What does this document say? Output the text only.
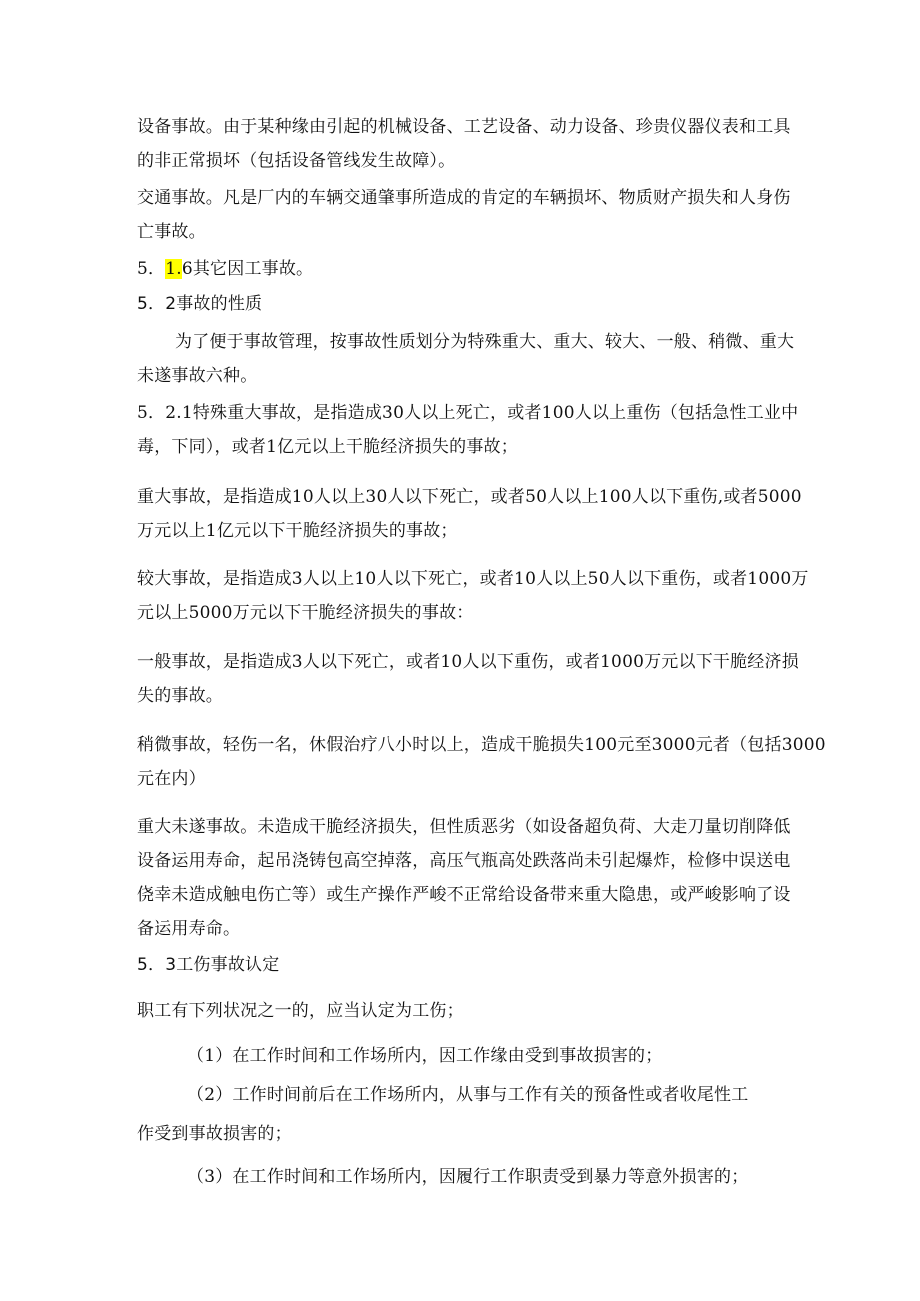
设备事故。由于某种缘由引起的机械设备、工艺设备、动力设备、珍贵仪器仪表和工具
的非正常损坏（包括设备管线发生故障）。
交通事故。凡是厂内的车辆交通肇事所造成的肯定的车辆损坏、物质财产损失和人身伤
亡事故。
5．1.6其它因工事故。
5．2事故的性质
为了便于事故管理，按事故性质划分为特殊重大、重大、较大、一般、稍微、重大
未遂事故六种。
5．2.1特殊重大事故，是指造成30人以上死亡，或者100人以上重伤（包括急性工业中
毒，下同），或者1亿元以上干脆经济损失的事故；
重大事故，是指造成10人以上30人以下死亡，或者50人以上100人以下重伤,或者5000
万元以上1亿元以下干脆经济损失的事故；
较大事故，是指造成3人以上10人以下死亡，或者10人以上50人以下重伤，或者1000万
元以上5000万元以下干脆经济损失的事故：
一般事故，是指造成3人以下死亡，或者10人以下重伤，或者1000万元以下干脆经济损
失的事故。
稍微事故，轻伤一名，休假治疗八小时以上，造成干脆损失100元至3000元者（包括3000
元在内）
重大未遂事故。未造成干脆经济损失，但性质恶劣（如设备超负荷、大走刀量切削降低
设备运用寿命，起吊浇铸包高空掉落，高压气瓶高处跌落尚未引起爆炸，检修中误送电
侥幸未造成触电伤亡等）或生产操作严峻不正常给设备带来重大隐患，或严峻影响了设
备运用寿命。
5．3工伤事故认定
职工有下列状况之一的，应当认定为工伤；
（1）在工作时间和工作场所内，因工作缘由受到事故损害的；
（2）工作时间前后在工作场所内，从事与工作有关的预备性或者收尾性工
作受到事故损害的；
（3）在工作时间和工作场所内，因履行工作职责受到暴力等意外损害的；
